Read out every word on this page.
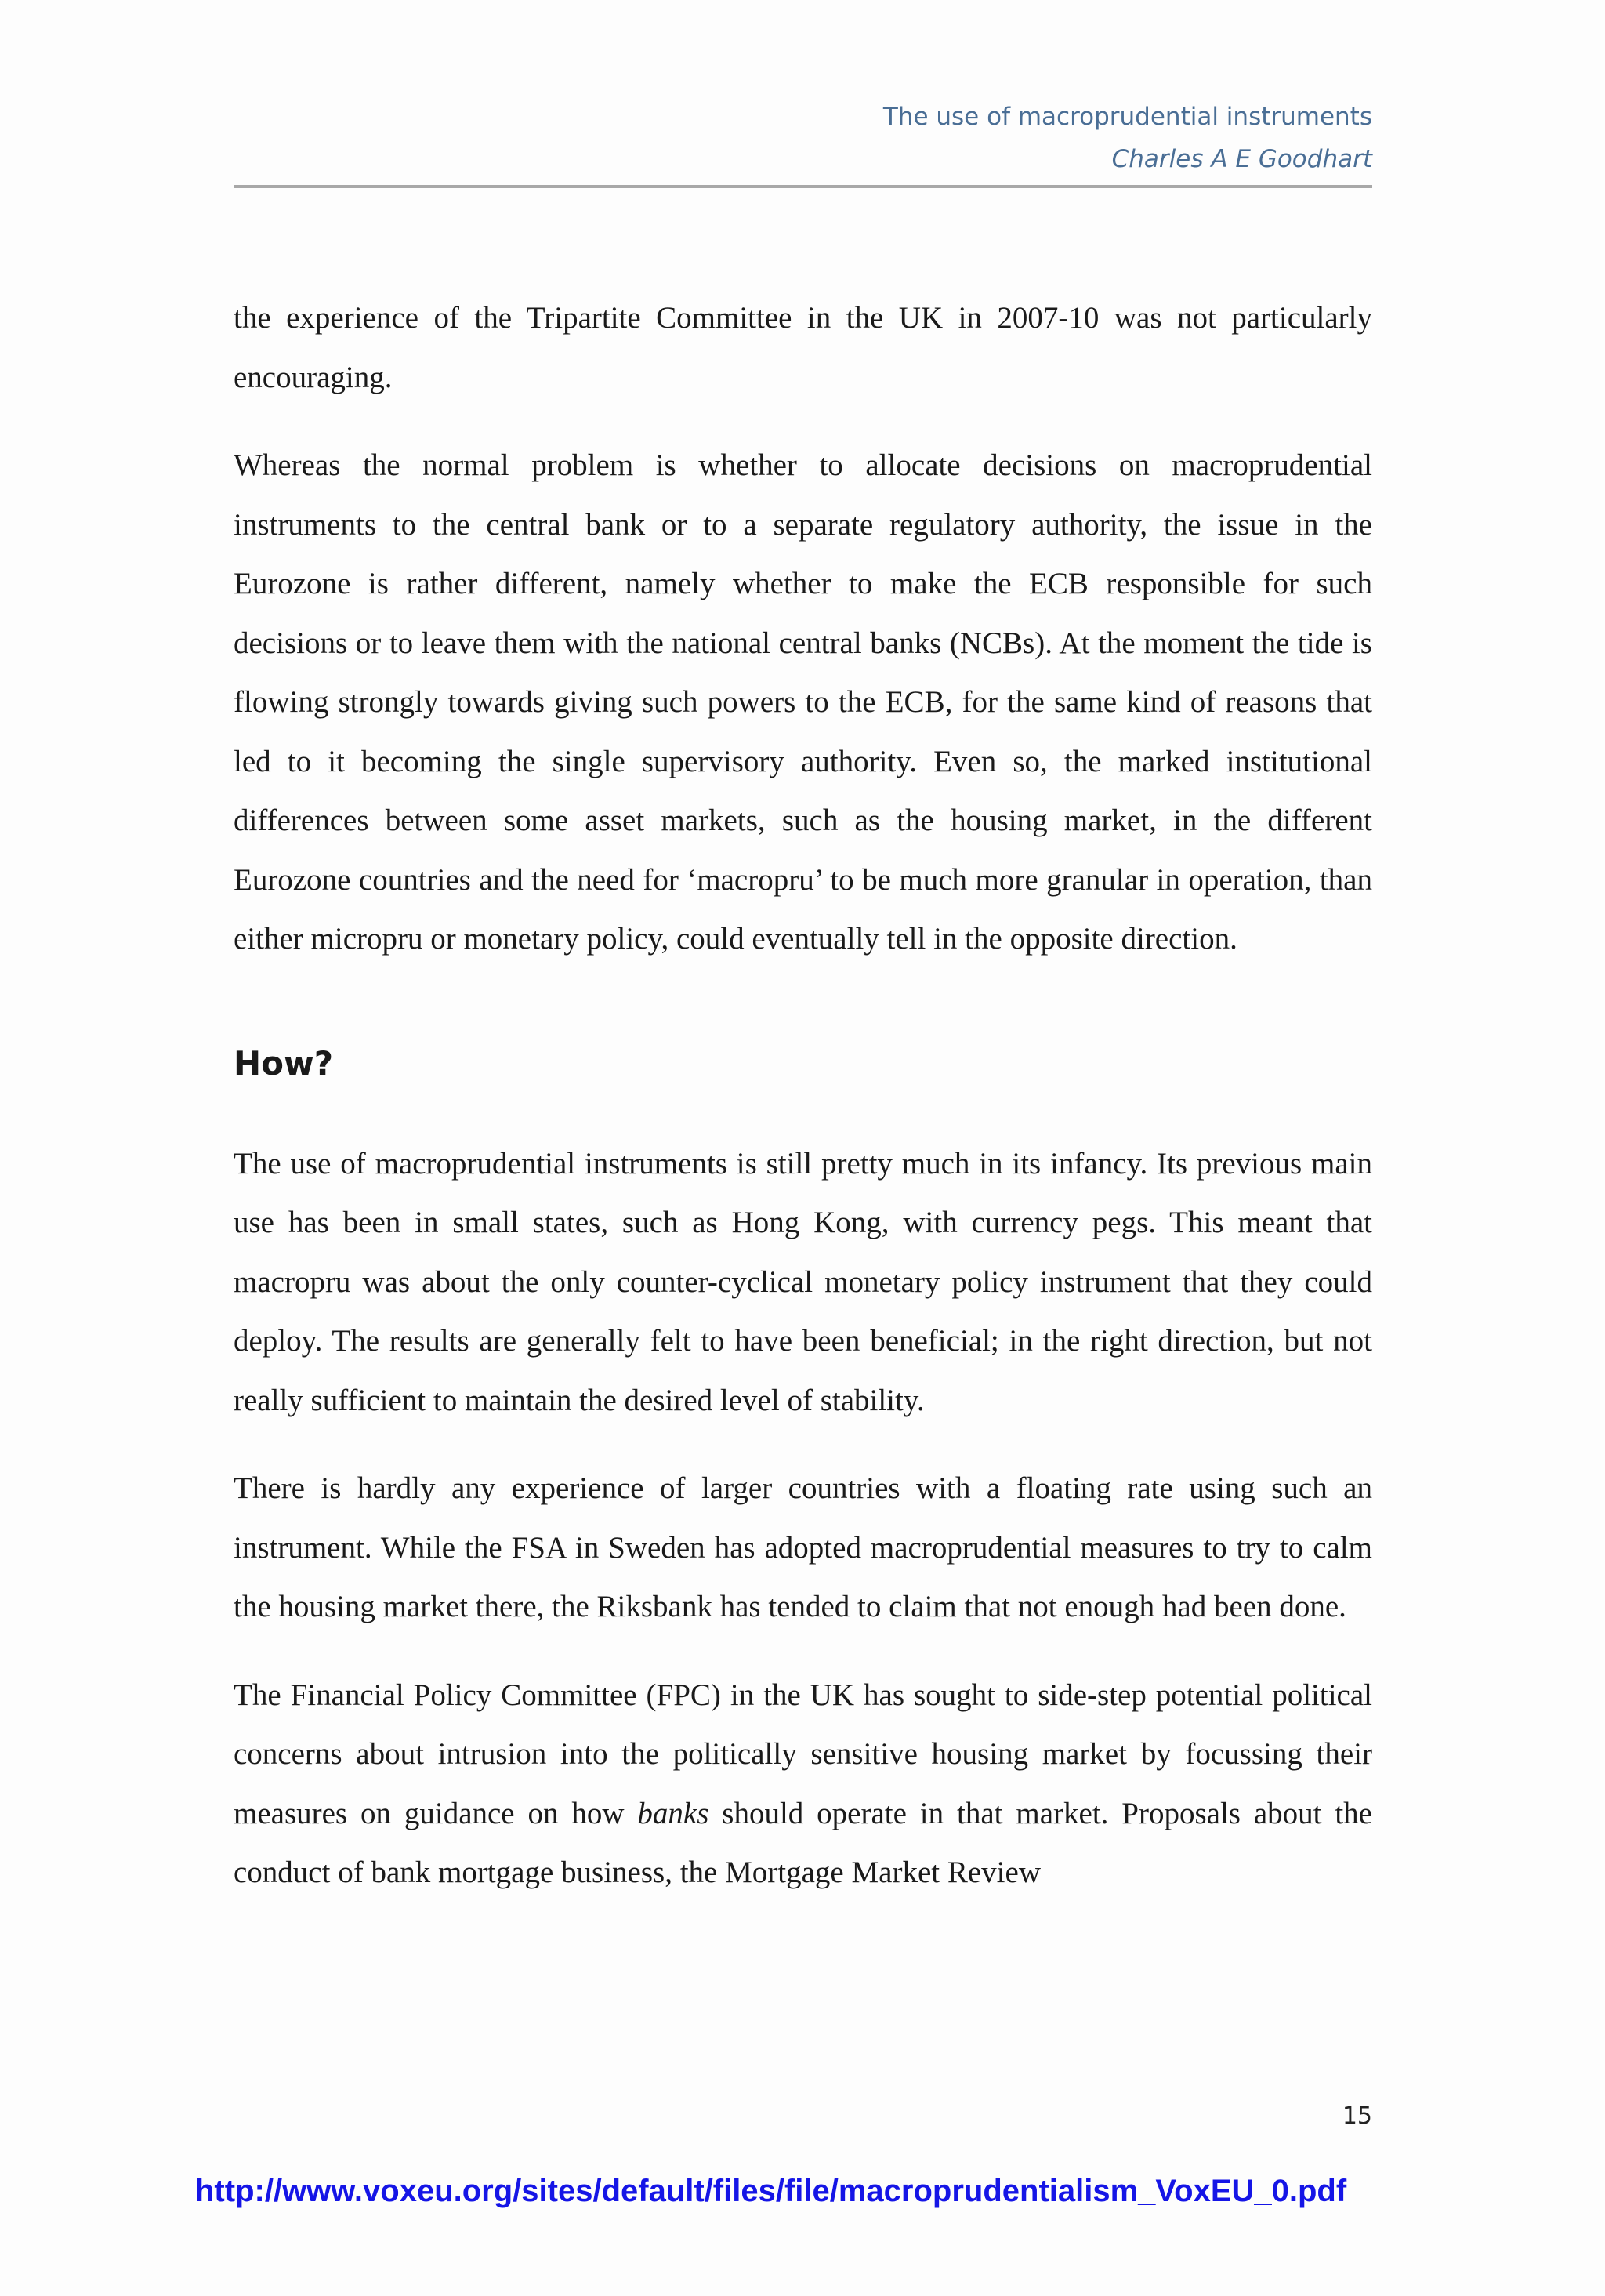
The use of macroprudential instruments
Charles A E Goodhart

the experience of the Tripartite Committee in the UK in 2007-10 was not particularly encouraging.

Whereas the normal problem is whether to allocate decisions on macroprudential instruments to the central bank or to a separate regulatory authority, the issue in the Eurozone is rather different, namely whether to make the ECB responsible for such decisions or to leave them with the national central banks (NCBs). At the moment the tide is flowing strongly towards giving such powers to the ECB, for the same kind of reasons that led to it becoming the single supervisory authority. Even so, the marked institutional differences between some asset markets, such as the housing market, in the different Eurozone countries and the need for ‘macropru’ to be much more granular in operation, than either micropru or monetary policy, could eventually tell in the opposite direction.

How?

The use of macroprudential instruments is still pretty much in its infancy. Its previous main use has been in small states, such as Hong Kong, with currency pegs. This meant that macropru was about the only counter-cyclical monetary policy instrument that they could deploy. The results are generally felt to have been beneficial; in the right direction, but not really sufficient to maintain the desired level of stability.

There is hardly any experience of larger countries with a floating rate using such an instrument. While the FSA in Sweden has adopted macroprudential measures to try to calm the housing market there, the Riksbank has tended to claim that not enough had been done.

The Financial Policy Committee (FPC) in the UK has sought to side-step potential political concerns about intrusion into the politically sensitive housing market by focussing their measures on guidance on how banks should operate in that market. Proposals about the conduct of bank mortgage business, the Mortgage Market Review

15
http://www.voxeu.org/sites/default/files/file/macroprudentialism_VoxEU_0.pdf
